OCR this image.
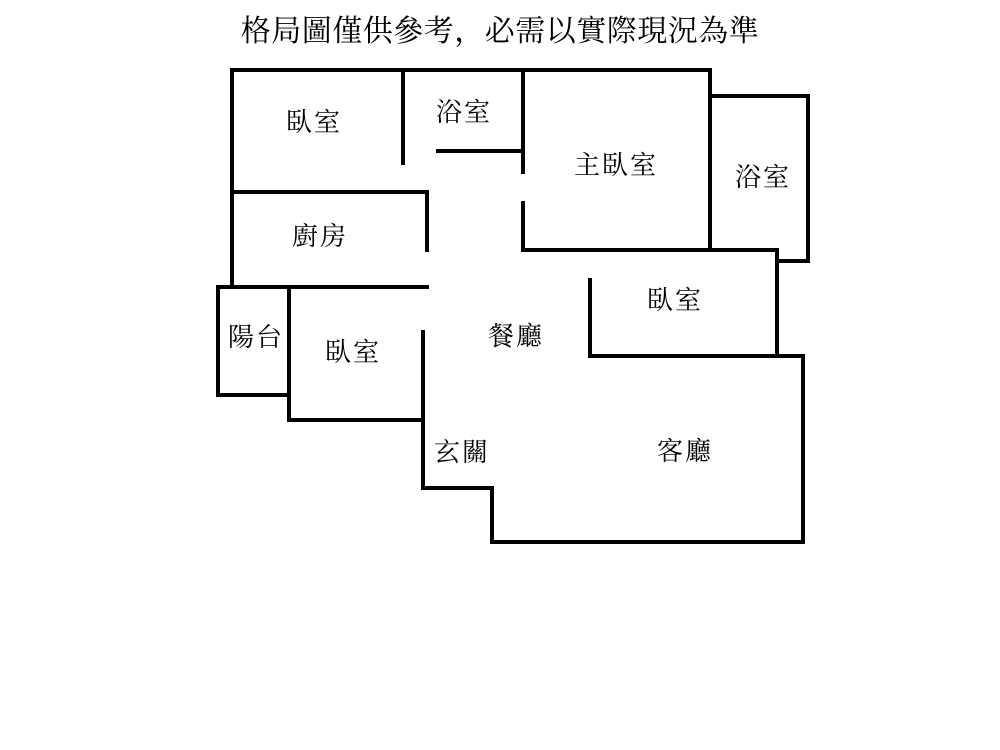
格局圖僅供參考，必需以實際現況為準
臥室	浴室
主臥室	浴室
廚房
陽台 臥室
餐廳
臥室
玄關	客廳
